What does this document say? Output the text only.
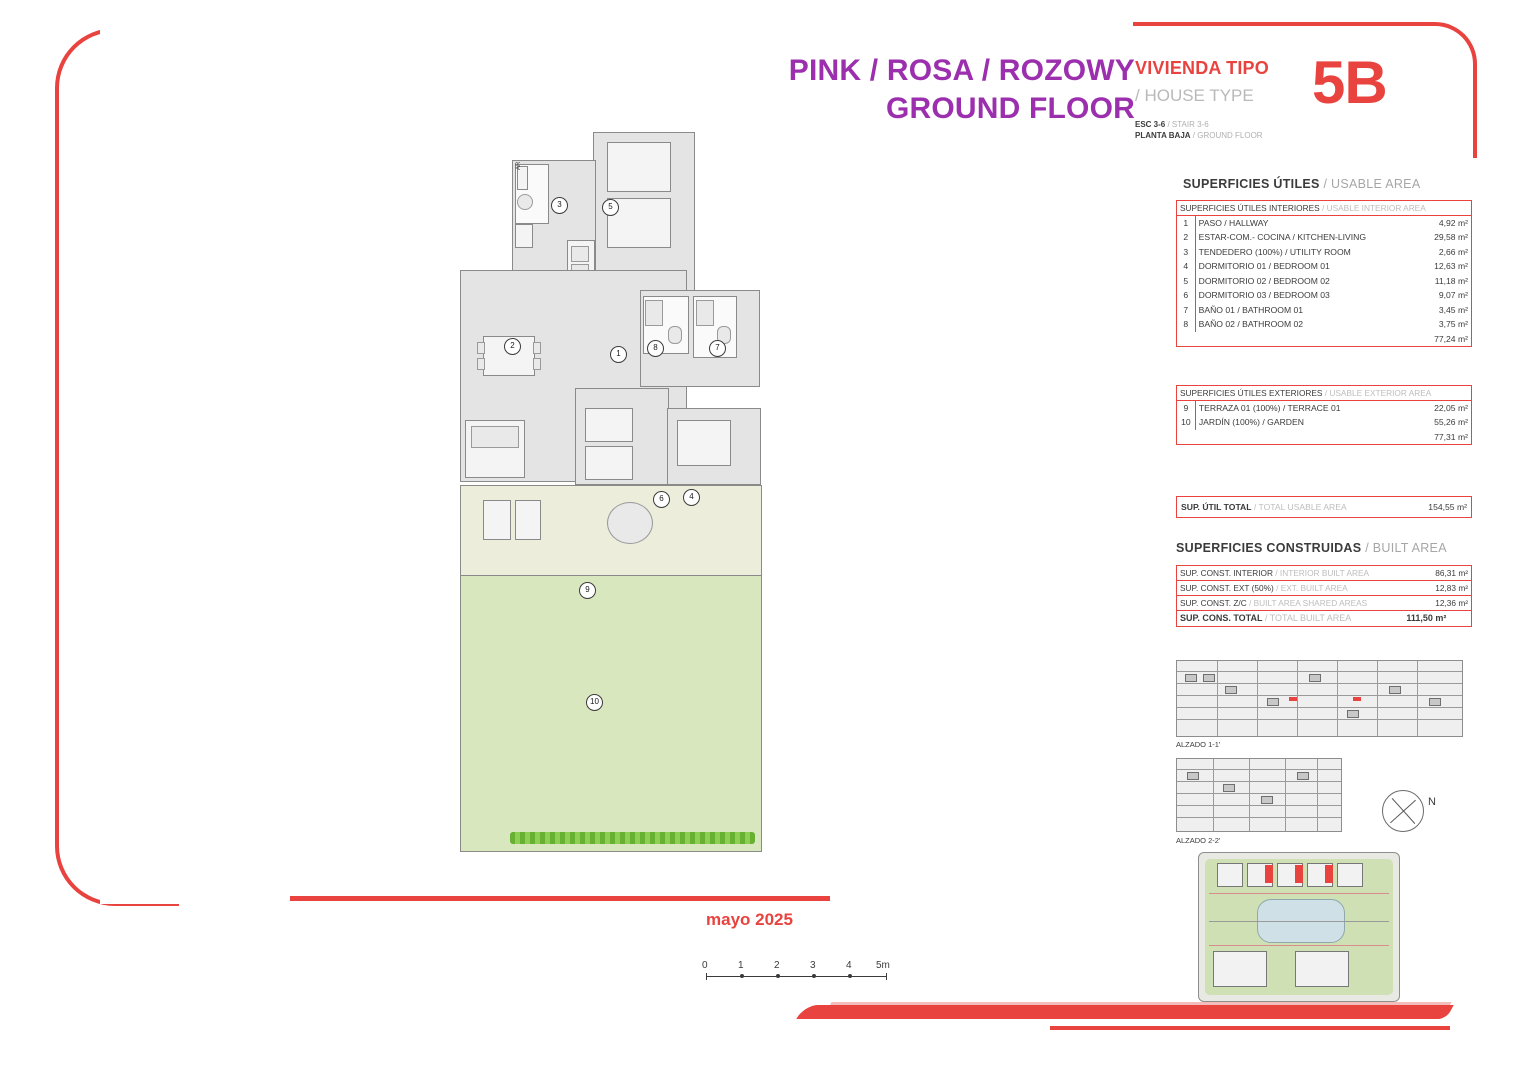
PINK / ROSA / ROZOWY
GROUND FLOOR
VIVIENDA TIPO
/ HOUSE TYPE
ESC 3-6 / STAIR 3-6
PLANTA BAJA / GROUND FLOOR
5B
AR
1
2
3
4
5
6
7
8
9
10
mayo 2025
0	1	2	3	4 5m
SUPERFICIES ÚTILES / USABLE AREA
SUPERFICIES ÚTILES INTERIORES / USABLE INTERIOR AREA		
1	PASO / HALLWAY	4,92 m²
2	ESTAR-COM.- COCINA / KITCHEN-LIVING	29,58 m²
3	TENDEDERO (100%) / UTILITY ROOM	2,66 m²
4	DORMITORIO 01 / BEDROOM 01	12,63 m²
5	DORMITORIO 02 / BEDROOM 02	11,18 m²
6	DORMITORIO 03 / BEDROOM 03	9,07 m²
7	BAÑO 01 / BATHROOM 01	3,45 m²
8	BAÑO 02 / BATHROOM 02	3,75 m²
		77,24 m²
SUPERFICIES ÚTILES EXTERIORES / USABLE EXTERIOR AREA		
9	TERRAZA 01 (100%) / TERRACE 01	22,05 m²
10	JARDÍN (100%) / GARDEN	55,26 m²
		77,31 m²
SUP. ÚTIL TOTAL / TOTAL USABLE AREA	154,55 m²
SUPERFICIES CONSTRUIDAS / BUILT AREA
SUP. CONST. INTERIOR / INTERIOR BUILT AREA	86,31 m²
SUP. CONST. EXT (50%) / EXT. BUILT AREA	12,83 m²
SUP. CONST. Z/C / BUILT AREA SHARED AREAS	12,36 m²
SUP. CONS. TOTAL / TOTAL BUILT AREA	111,50 m²
ALZADO 1-1'
ALZADO 2-2'
N
